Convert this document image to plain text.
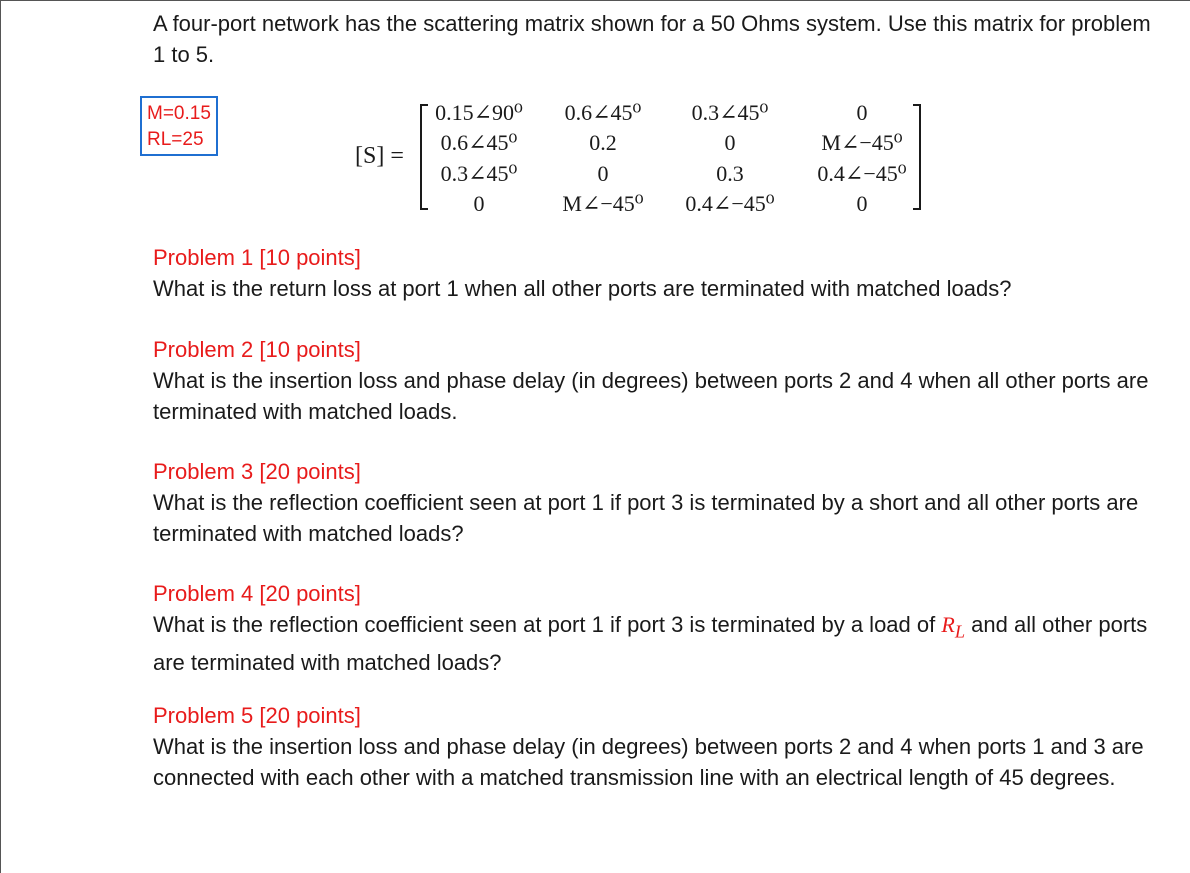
A four-port network has the scattering matrix shown for a 50 Ohms system. Use this matrix for problem 1 to 5.
M=0.15
RL=25
[S] =
0.15∠90⁰ 0.6∠45⁰ 0.3∠45⁰	0
0.6∠45⁰	0.2	0	M∠−45⁰
0.3∠45⁰	0	0.3	0.4∠−45⁰
0	M∠−45⁰ 0.4∠−45⁰	0
Problem 1 [10 points]
What is the return loss at port 1 when all other ports are terminated with matched loads?
Problem 2 [10 points]
What is the insertion loss and phase delay (in degrees) between ports 2 and 4 when all other ports are terminated with matched loads.
Problem 3 [20 points]
What is the reflection coefficient seen at port 1 if port 3 is terminated by a short and all other ports are terminated with matched loads?
Problem 4 [20 points]
What is the reflection coefficient seen at port 1 if port 3 is terminated by a load of $R_L$ and all other ports are terminated with matched loads?
Problem 5 [20 points]
What is the insertion loss and phase delay (in degrees) between ports 2 and 4 when ports 1 and 3 are connected with each other with a matched transmission line with an electrical length of 45 degrees.
